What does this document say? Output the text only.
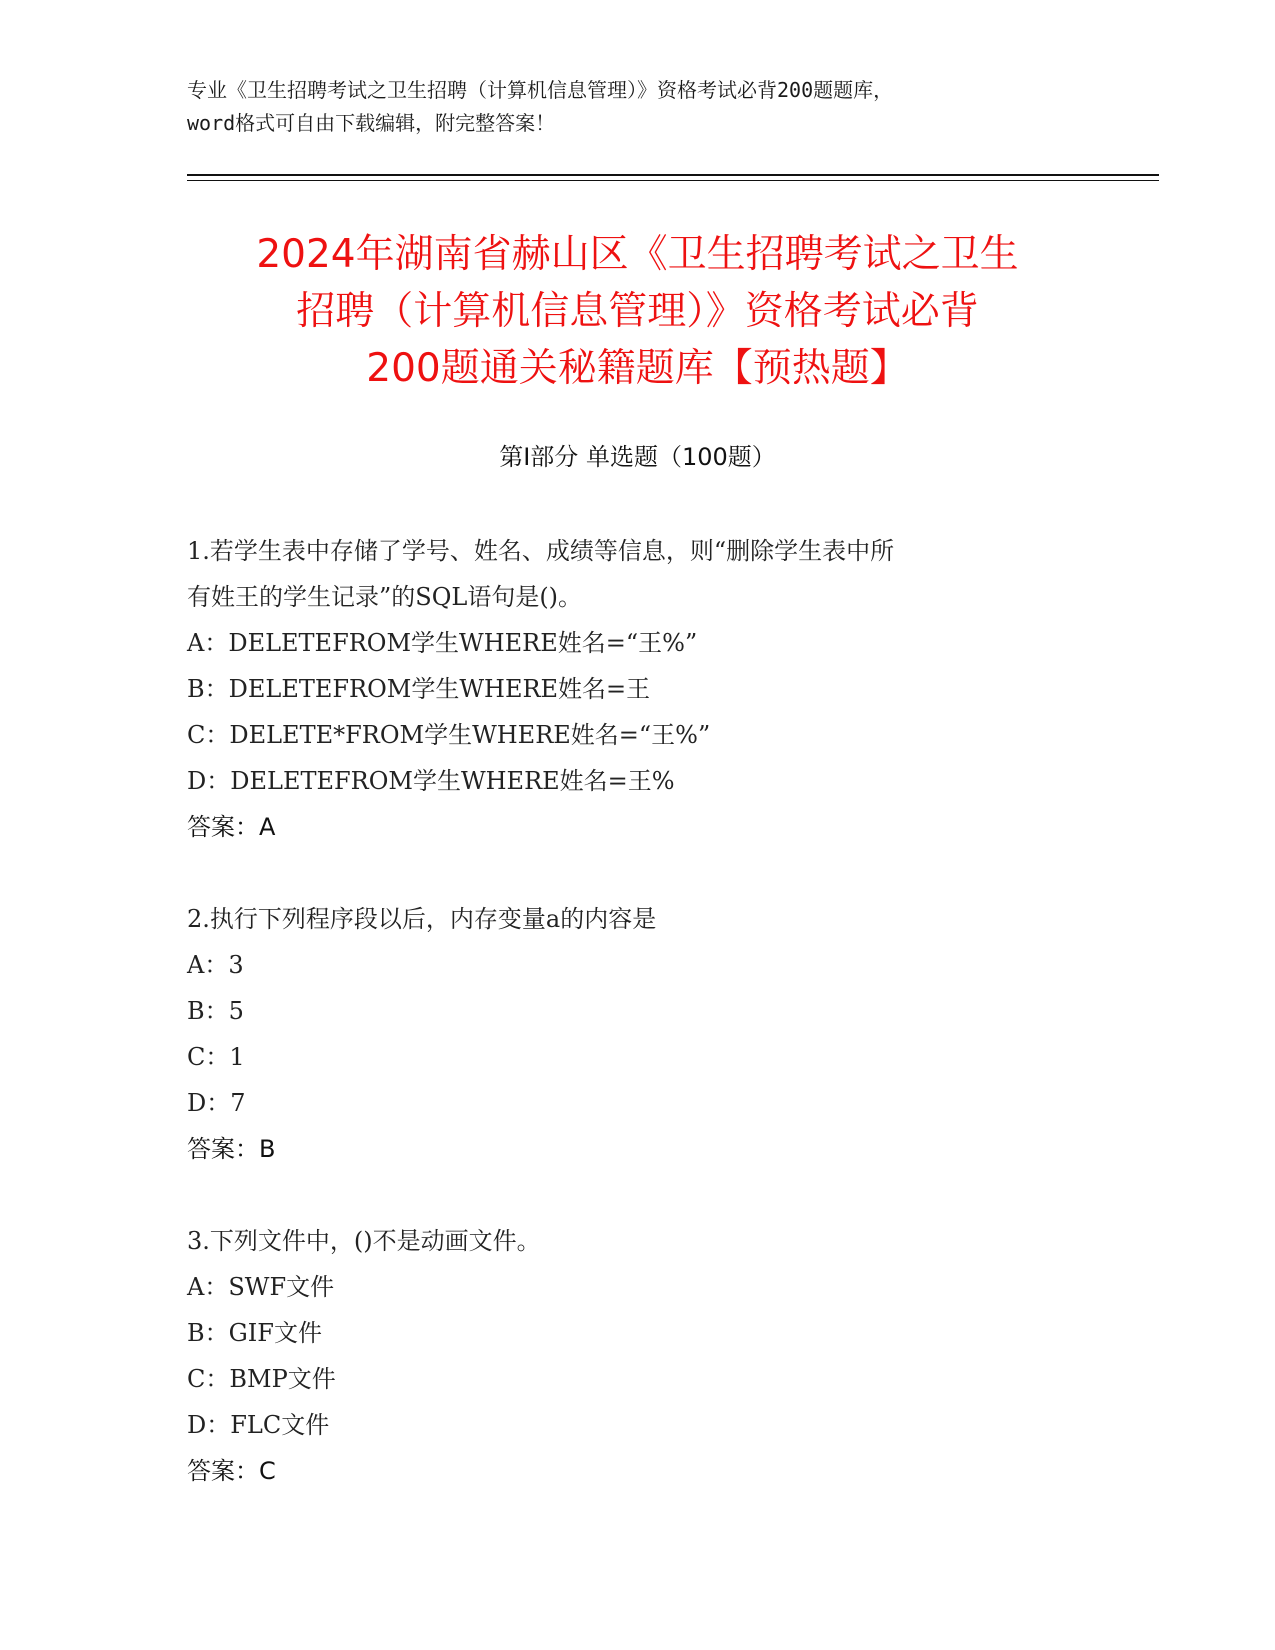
专业《卫生招聘考试之卫生招聘（计算机信息管理）》资格考试必背200题题库，
word格式可自由下载编辑，附完整答案！
2024年湖南省赫山区《卫生招聘考试之卫生
招聘（计算机信息管理）》资格考试必背
200题通关秘籍题库【预热题】
第Ⅰ部分 单选题（100题）
1.若学生表中存储了学号、姓名、成绩等信息，则“删除学生表中所
有姓王的学生记录”的SQL语句是()。
A：DELETEFROM学生WHERE姓名=“王%”
B：DELETEFROM学生WHERE姓名=王
C：DELETE*FROM学生WHERE姓名=“王%”
D：DELETEFROM学生WHERE姓名=王%
答案：A
2.执行下列程序段以后，内存变量a的内容是
A：3
B：5
C：1
D：7
答案：B
3.下列文件中，()不是动画文件。
A：SWF文件
B：GIF文件
C：BMP文件
D：FLC文件
答案：C
